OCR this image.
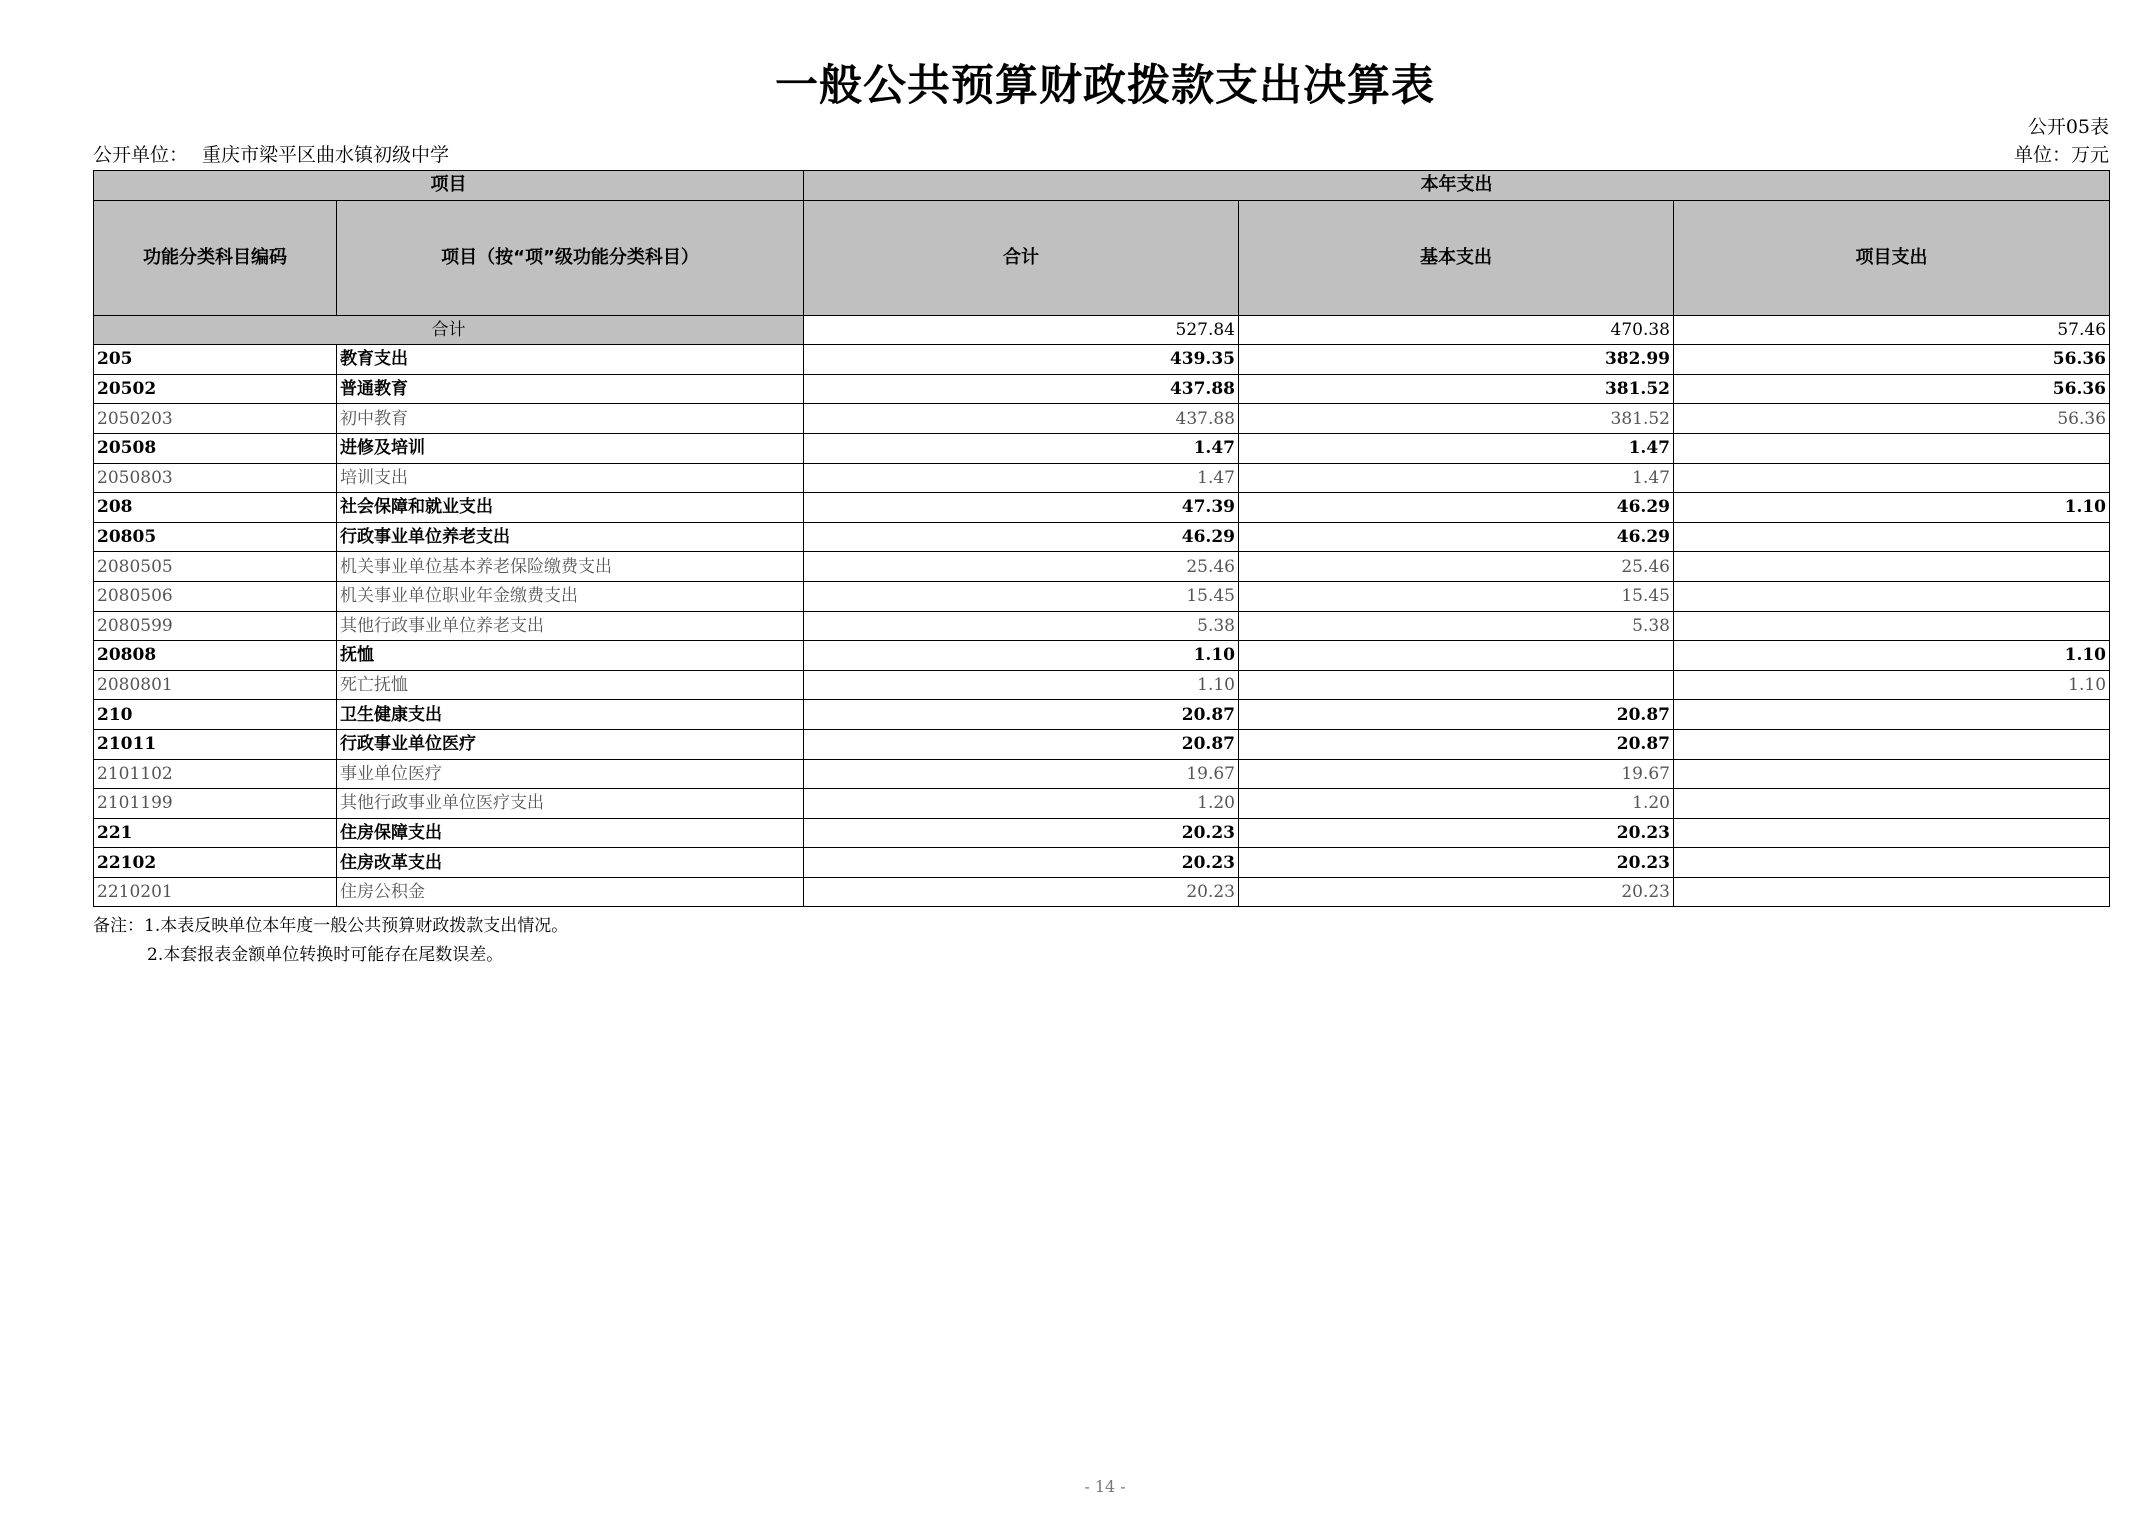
一般公共预算财政拨款支出决算表
公开05表
公开单位： 重庆市梁平区曲水镇初级中学	单位：万元
项目		本年支出		
功能分类科目编码	项目（按“项”级功能分类科目）	合计	基本支出	项目支出
合计		527.84	470.38	57.46
205	教育支出	439.35	382.99	56.36
20502	普通教育	437.88	381.52	56.36
2050203	初中教育	437.88	381.52	56.36
20508	进修及培训	1.47	1.47	
2050803	培训支出	1.47	1.47	
208	社会保障和就业支出	47.39	46.29	1.10
20805	行政事业单位养老支出	46.29	46.29	
2080505	机关事业单位基本养老保险缴费支出	25.46	25.46	
2080506	机关事业单位职业年金缴费支出	15.45	15.45	
2080599	其他行政事业单位养老支出	5.38	5.38	
20808	抚恤	1.10		1.10
2080801	死亡抚恤	1.10		1.10
210	卫生健康支出	20.87	20.87	
21011	行政事业单位医疗	20.87	20.87	
2101102	事业单位医疗	19.67	19.67	
2101199	其他行政事业单位医疗支出	1.20	1.20	
221	住房保障支出	20.23	20.23	
22102	住房改革支出	20.23	20.23	
2210201	住房公积金	20.23	20.23	
备注：1.本表反映单位本年度一般公共预算财政拨款支出情况。
2.本套报表金额单位转换时可能存在尾数误差。
- 14 -
